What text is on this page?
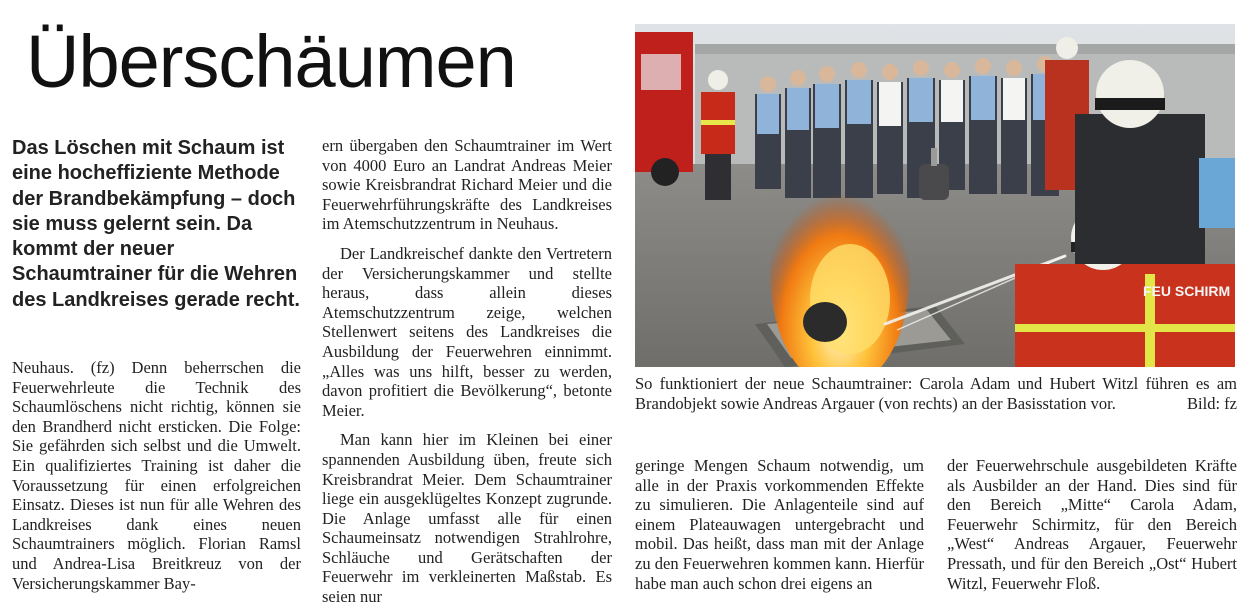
Überschäumen

Das Löschen mit Schaum ist eine hocheffiziente Methode der Brandbekämpfung – doch sie muss gelernt sein. Da kommt der neuer Schaumtrainer für die Wehren des Landkreises gerade recht.

Neuhaus. (fz) Denn beherrschen die Feuerwehrleute die Technik des Schaumlöschens nicht richtig, können sie den Brandherd nicht ersticken. Die Folge: Sie gefährden sich selbst und die Umwelt. Ein qualifiziertes Training ist daher die Voraussetzung für einen erfolgreichen Einsatz. Dieses ist nun für alle Wehren des Landkreises dank eines neuen Schaumtrainers möglich. Florian Ramsl und Andrea-Lisa Breitkreuz von der Versicherungskammer Bay-

ern übergaben den Schaumtrainer im Wert von 4000 Euro an Landrat Andreas Meier sowie Kreisbrandrat Richard Meier und die Feuerwehrführungskräfte des Landkreises im Atemschutzzentrum in Neuhaus.

Der Landkreischef dankte den Vertretern der Versicherungskammer und stellte heraus, dass allein dieses Atemschutzzentrum zeige, welchen Stellenwert seitens des Landkreises die Ausbildung der Feuerwehren einnimmt. „Alles was uns hilft, besser zu werden, davon profitiert die Bevölkerung“, betonte Meier.

Man kann hier im Kleinen bei einer spannenden Ausbildung üben, freute sich Kreisbrandrat Meier. Dem Schaumtrainer liege ein ausgeklügeltes Konzept zugrunde. Die Anlage umfasst alle für einen Schaumeinsatz notwendigen Strahlrohre, Schläuche und Gerätschaften der Feuerwehr im verkleinerten Maßstab. Es seien nur

FEU SCHIRM

So funktioniert der neue Schaumtrainer: Carola Adam und Hubert Witzl führen es am Brandobjekt sowie Andreas Argauer (von rechts) an der Basisstation vor.	Bild: fz

geringe Mengen Schaum notwendig, um alle in der Praxis vorkommenden Effekte zu simulieren. Die Anlagenteile sind auf einem Plateauwagen untergebracht und mobil. Das heißt, dass man mit der Anlage zu den Feuerwehren kommen kann. Hierfür habe man auch schon drei eigens an

der Feuerwehrschule ausgebildeten Kräfte als Ausbilder an der Hand. Dies sind für den Bereich „Mitte“ Carola Adam, Feuerwehr Schirmitz, für den Bereich „West“ Andreas Argauer, Feuerwehr Pressath, und für den Bereich „Ost“ Hubert Witzl, Feuerwehr Floß.
